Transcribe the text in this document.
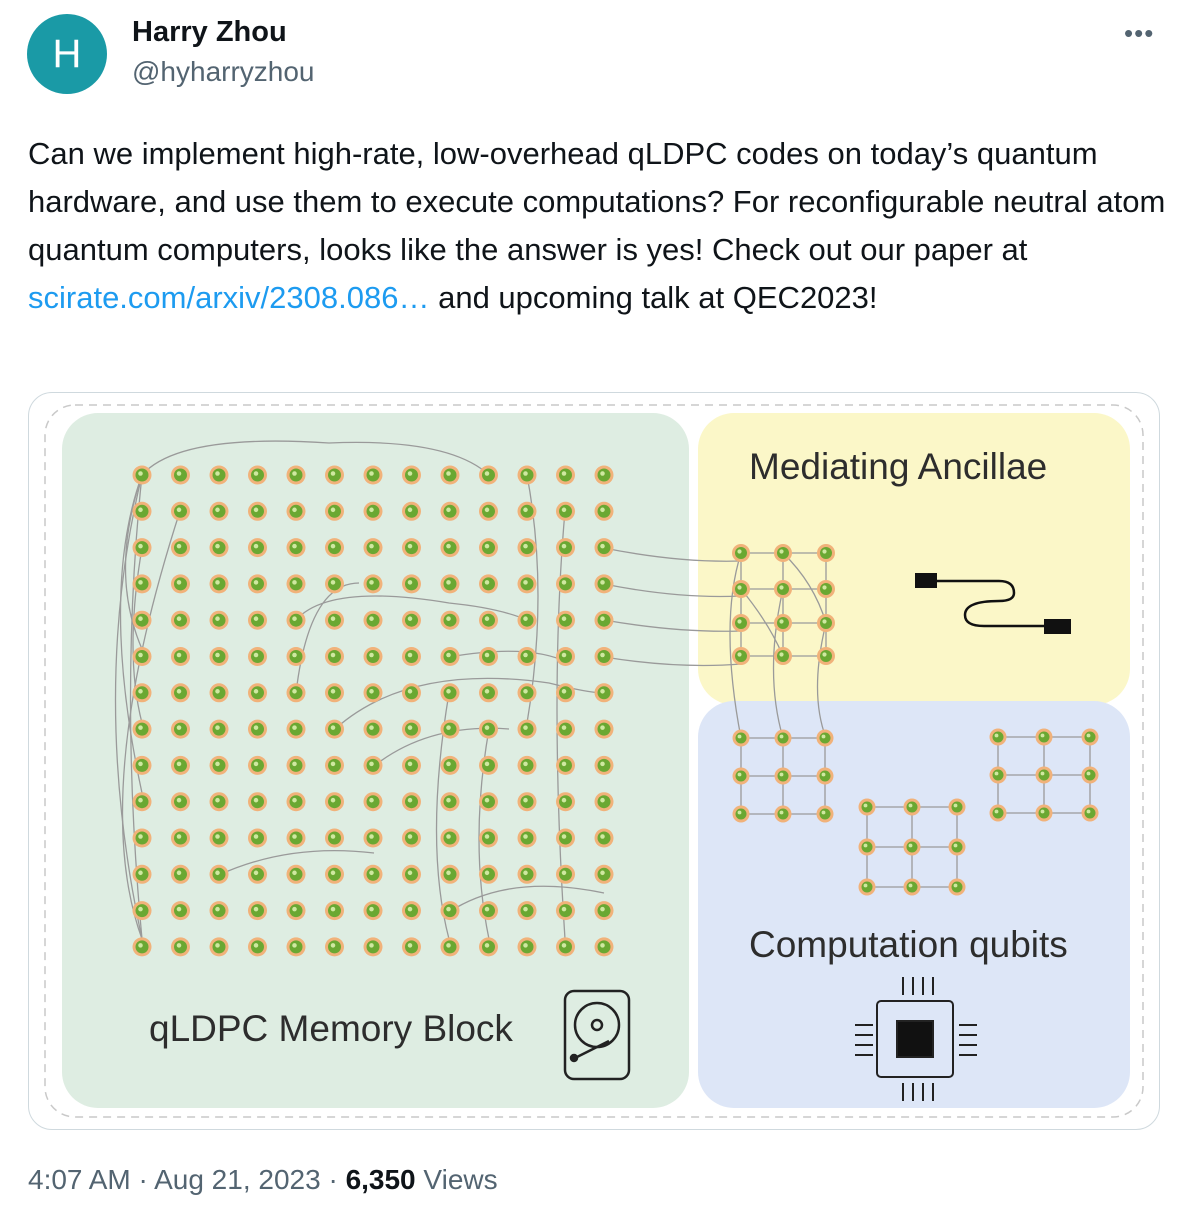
H Harry Zhou
@hyharryzhou
•••
Can we implement high-rate, low-overhead qLDPC codes on today’s quantum hardware, and use them to execute computations? For reconfigurable neutral atom quantum computers, looks like the answer is yes! Check out our paper at scirate.com/arxiv/2308.086… and upcoming talk at QEC2023!
qLDPC Memory Block
Mediating Ancillae
Computation qubits
4:07 AM · Aug 21, 2023 · 6,350 Views
